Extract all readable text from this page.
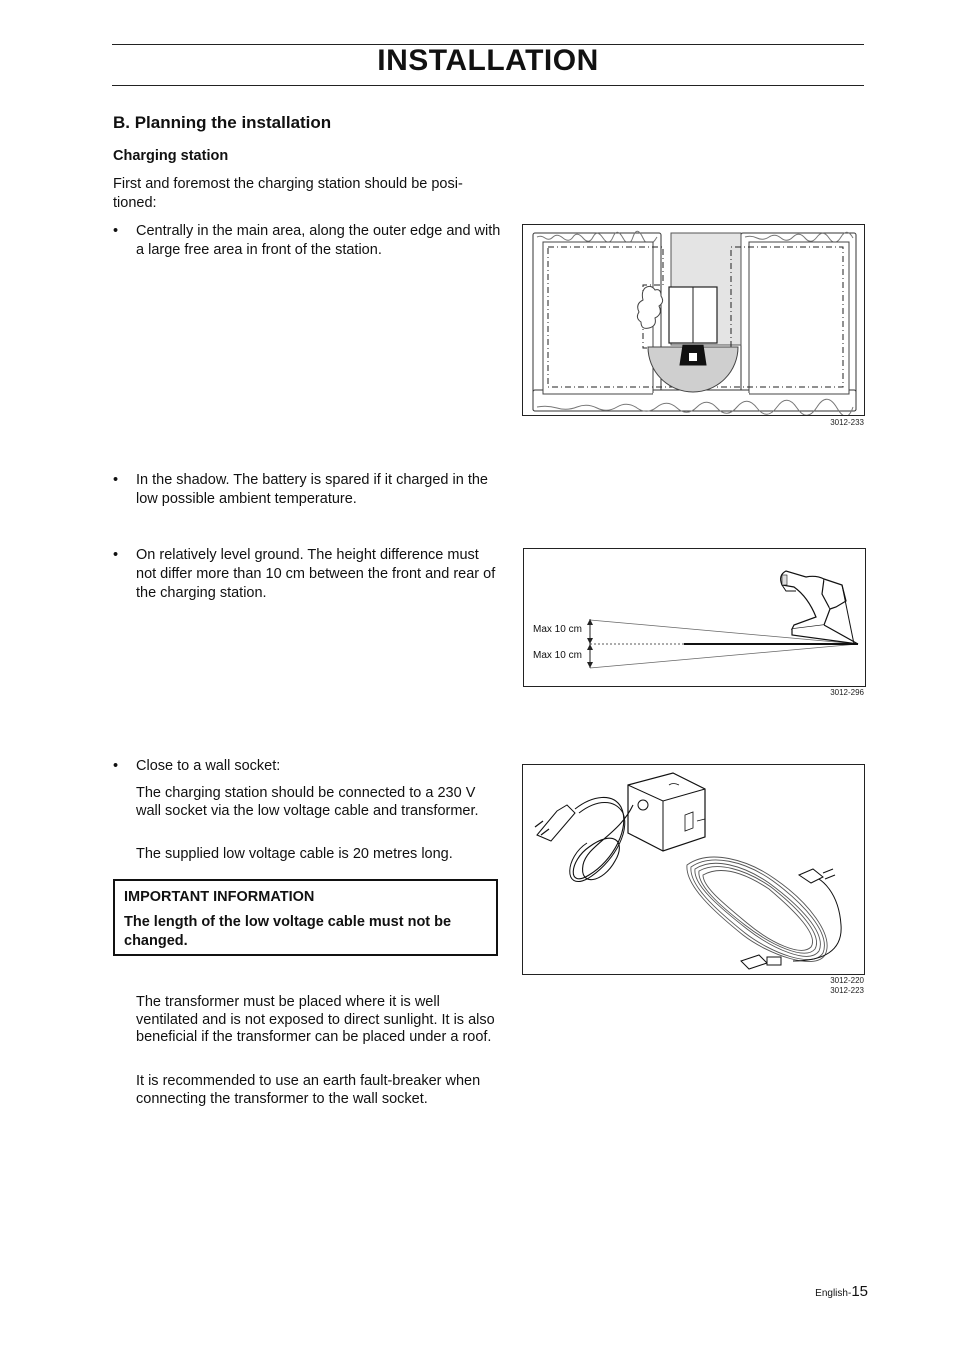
INSTALLATION
B. Planning the installation
Charging station
First and foremost the charging station should be posi-tioned:
• Centrally in the main area, along the outer edge and with a large free area in front of the station.
3012-233
• In the shadow. The battery is spared if it charged in the low possible ambient temperature.
• On relatively level ground. The height difference must not differ more than 10 cm between the front and rear of the charging station.
Max 10 cm
Max 10 cm
3012-296
• Close to a wall socket:
The charging station should be connected to a 230 V wall socket via the low voltage cable and transformer.
The supplied low voltage cable is 20 metres long.
3012-220
3012-223
IMPORTANT INFORMATION
The length of the low voltage cable must not be changed.
The transformer must be placed where it is well ventilated and is not exposed to direct sunlight. It is also beneficial if the transformer can be placed under a roof.
It is recommended to use an earth fault-breaker when connecting the transformer to the wall socket.
English-15
